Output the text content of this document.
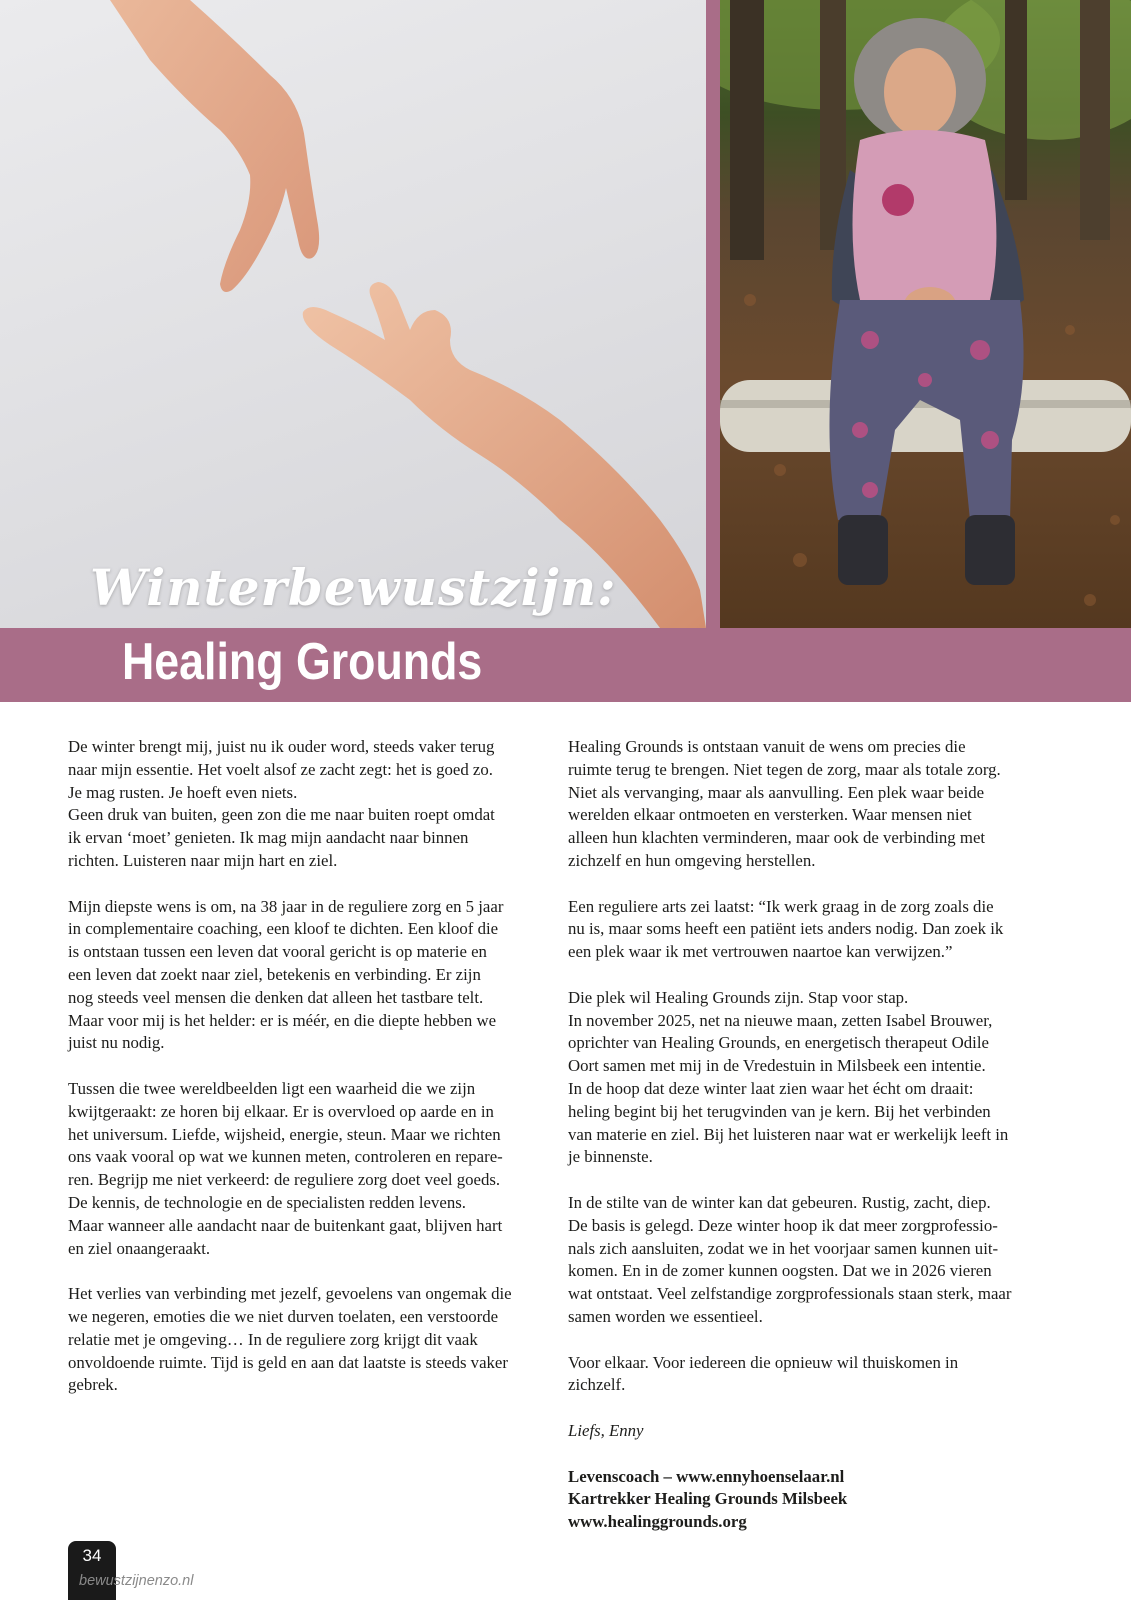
Winterbewustzijn:
Healing Grounds

De winter brengt mij, juist nu ik ouder word, steeds vaker terug
naar mijn essentie. Het voelt alsof ze zacht zegt: het is goed zo.
Je mag rusten. Je hoeft even niets.
Geen druk van buiten, geen zon die me naar buiten roept omdat
ik ervan ‘moet’ genieten. Ik mag mijn aandacht naar binnen
richten. Luisteren naar mijn hart en ziel.

Mijn diepste wens is om, na 38 jaar in de reguliere zorg en 5 jaar
in complementaire coaching, een kloof te dichten. Een kloof die
is ontstaan tussen een leven dat vooral gericht is op materie en
een leven dat zoekt naar ziel, betekenis en verbinding. Er zijn
nog steeds veel mensen die denken dat alleen het tastbare telt.
Maar voor mij is het helder: er is méér, en die diepte hebben we
juist nu nodig.

Tussen die twee wereldbeelden ligt een waarheid die we zijn
kwijtgeraakt: ze horen bij elkaar. Er is overvloed op aarde en in
het universum. Liefde, wijsheid, energie, steun. Maar we richten
ons vaak vooral op wat we kunnen meten, controleren en repare-
ren. Begrijp me niet verkeerd: de reguliere zorg doet veel goeds.
De kennis, de technologie en de specialisten redden levens.
Maar wanneer alle aandacht naar de buitenkant gaat, blijven hart
en ziel onaangeraakt.

Het verlies van verbinding met jezelf, gevoelens van ongemak die
we negeren, emoties die we niet durven toelaten, een verstoorde
relatie met je omgeving… In de reguliere zorg krijgt dit vaak
onvoldoende ruimte. Tijd is geld en aan dat laatste is steeds vaker
gebrek.

Healing Grounds is ontstaan vanuit de wens om precies die
ruimte terug te brengen. Niet tegen de zorg, maar als totale zorg.
Niet als vervanging, maar als aanvulling. Een plek waar beide
werelden elkaar ontmoeten en versterken. Waar mensen niet
alleen hun klachten verminderen, maar ook de verbinding met
zichzelf en hun omgeving herstellen.

Een reguliere arts zei laatst: “Ik werk graag in de zorg zoals die
nu is, maar soms heeft een patiënt iets anders nodig. Dan zoek ik
een plek waar ik met vertrouwen naartoe kan verwijzen.”

Die plek wil Healing Grounds zijn. Stap voor stap.
In november 2025, net na nieuwe maan, zetten Isabel Brouwer,
oprichter van Healing Grounds, en energetisch therapeut Odile
Oort samen met mij in de Vredestuin in Milsbeek een intentie.
In de hoop dat deze winter laat zien waar het écht om draait:
heling begint bij het terugvinden van je kern. Bij het verbinden
van materie en ziel. Bij het luisteren naar wat er werkelijk leeft in
je binnenste.

In de stilte van de winter kan dat gebeuren. Rustig, zacht, diep.
De basis is gelegd. Deze winter hoop ik dat meer zorgprofessio-
nals zich aansluiten, zodat we in het voorjaar samen kunnen uit-
komen. En in de zomer kunnen oogsten. Dat we in 2026 vieren
wat ontstaat. Veel zelfstandige zorgprofessionals staan sterk, maar
samen worden we essentieel.

Voor elkaar. Voor iedereen die opnieuw wil thuiskomen in
zichzelf.

Liefs, Enny

Levenscoach – www.ennyhoenselaar.nl

Kartrekker Healing Grounds Milsbeek

www.healinggrounds.org

34
bewustzijnenzo.nl
